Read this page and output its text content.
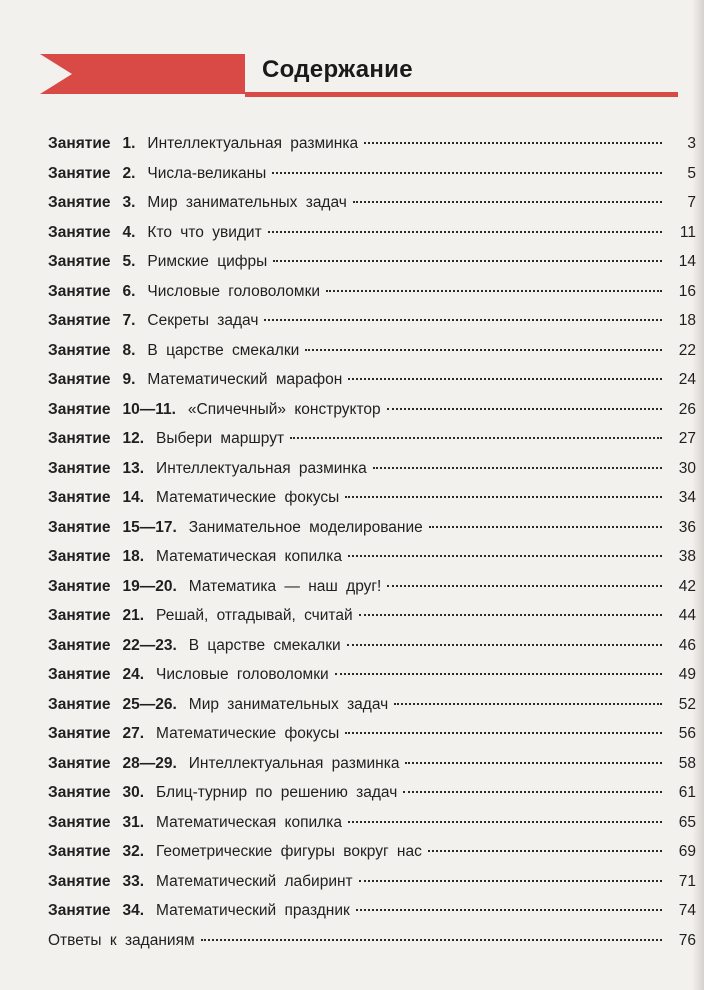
Содержание
Занятие 1. Интеллектуальная разминка	3
Занятие 2. Числа-великаны	5
Занятие 3. Мир занимательных задач	7
Занятие 4. Кто что увидит	11
Занятие 5. Римские цифры	14
Занятие 6. Числовые головоломки	16
Занятие 7. Секреты задач	18
Занятие 8. В царстве смекалки	22
Занятие 9. Математический марафон	24
Занятие 10—11. «Спичечный» конструктор	26
Занятие 12. Выбери маршрут	27
Занятие 13. Интеллектуальная разминка	30
Занятие 14. Математические фокусы	34
Занятие 15—17. Занимательное моделирование	36
Занятие 18. Математическая копилка	38
Занятие 19—20. Математика — наш друг!	42
Занятие 21. Решай, отгадывай, считай	44
Занятие 22—23. В царстве смекалки	46
Занятие 24. Числовые головоломки	49
Занятие 25—26. Мир занимательных задач	52
Занятие 27. Математические фокусы	56
Занятие 28—29. Интеллектуальная разминка	58
Занятие 30. Блиц-турнир по решению задач	61
Занятие 31. Математическая копилка	65
Занятие 32. Геометрические фигуры вокруг нас	69
Занятие 33. Математический лабиринт	71
Занятие 34. Математический праздник	74
Ответы к заданиям	76
